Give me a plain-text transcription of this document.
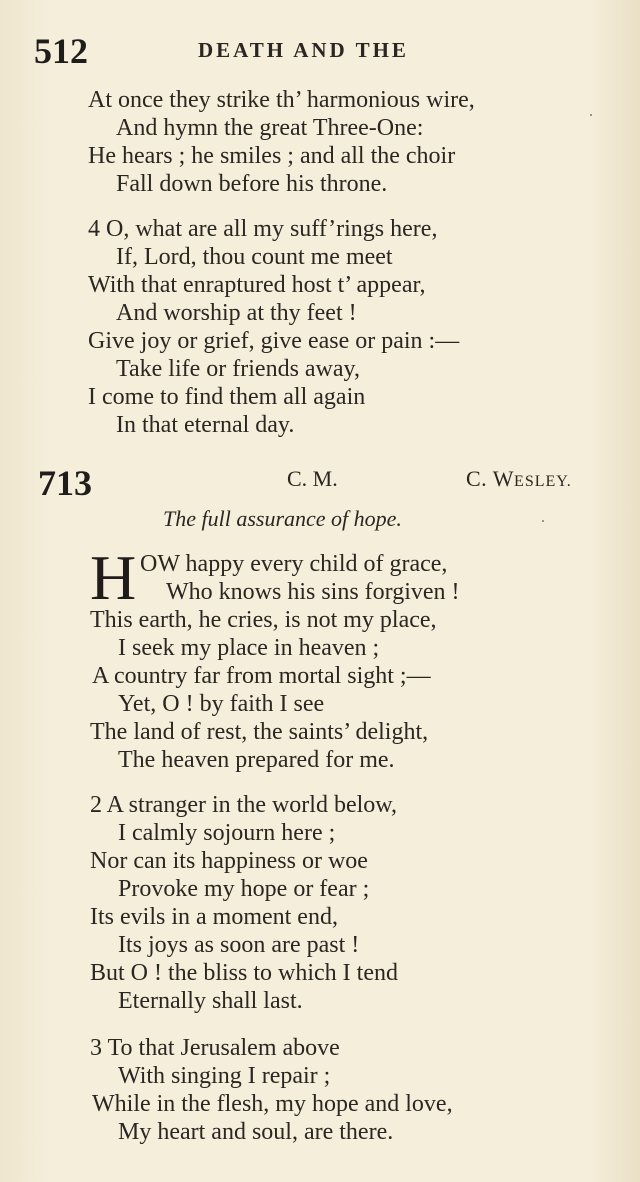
512	DEATH AND THE
At once they strike th’ harmonious wire,
And hymn the great Three-One:
He hears ; he smiles ; and all the choir
Fall down before his throne.
4 O, what are all my suff’rings here,
If, Lord, thou count me meet
With that enraptured host t’ appear,
And worship at thy feet !
Give joy or grief, give ease or pain :—
Take life or friends away,
I come to find them all again
In that eternal day.
713	C. M.	C. WESLEY.
The full assurance of hope.
H OW happy every child of grace,
Who knows his sins forgiven !
This earth, he cries, is not my place,
I seek my place in heaven ;
A country far from mortal sight ;—
Yet, O ! by faith I see
The land of rest, the saints’ delight,
The heaven prepared for me.
2 A stranger in the world below,
I calmly sojourn here ;
Nor can its happiness or woe
Provoke my hope or fear ;
Its evils in a moment end,
Its joys as soon are past !
But O ! the bliss to which I tend
Eternally shall last.
3 To that Jerusalem above
With singing I repair ;
While in the flesh, my hope and love,
My heart and soul, are there.
